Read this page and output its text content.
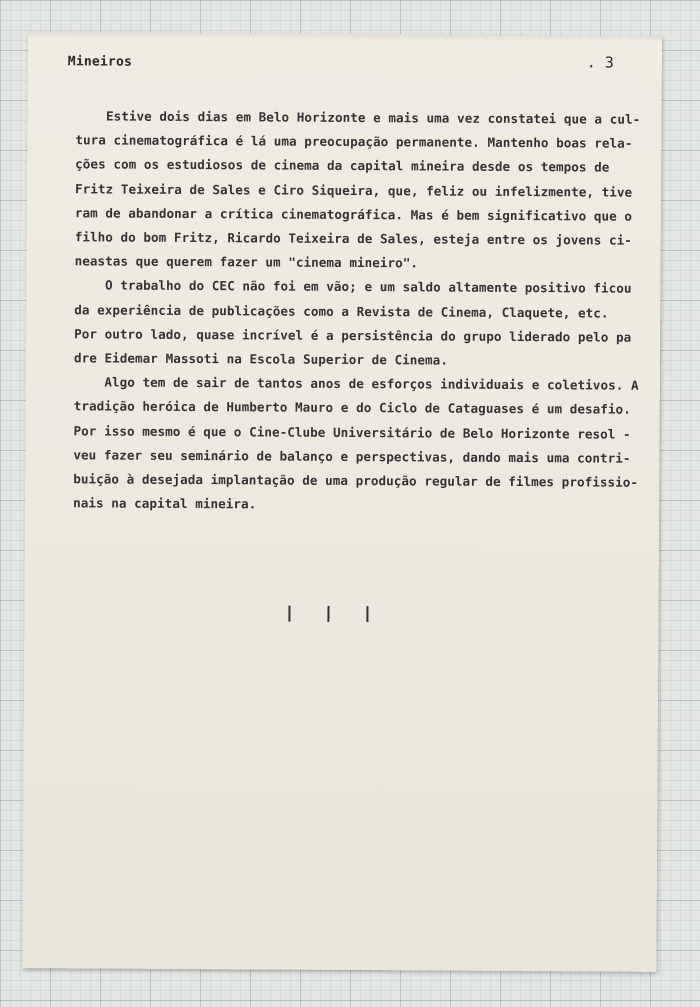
Mineiros	. 3
Estive dois dias em Belo Horizonte e mais uma vez constatei que a cul-
tura cinematográfica é lá uma preocupação permanente. Mantenho boas rela-
ções com os estudiosos de cinema da capital mineira desde os tempos de
Fritz Teixeira de Sales e Ciro Siqueira, que, feliz ou infelizmente, tive
ram de abandonar a crítica cinematográfica. Mas é bem significativo que o
filho do bom Fritz, Ricardo Teixeira de Sales, esteja entre os jovens ci-
neastas que querem fazer um "cinema mineiro".
O trabalho do CEC não foi em vão; e um saldo altamente positivo ficou
da experiência de publicações como a Revista de Cinema, Claquete, etc.
Por outro lado, quase incrível é a persistência do grupo liderado pelo pa
dre Eidemar Massoti na Escola Superior de Cinema.
Algo tem de sair de tantos anos de esforços individuais e coletivos. A
tradição heróica de Humberto Mauro e do Ciclo de Cataguases é um desafio.
Por isso mesmo é que o Cine-Clube Universitário de Belo Horizonte resol -
veu fazer seu seminário de balanço e perspectivas, dando mais uma contri-
buição à desejada implantação de uma produção regular de filmes profissio-
nais na capital mineira.
